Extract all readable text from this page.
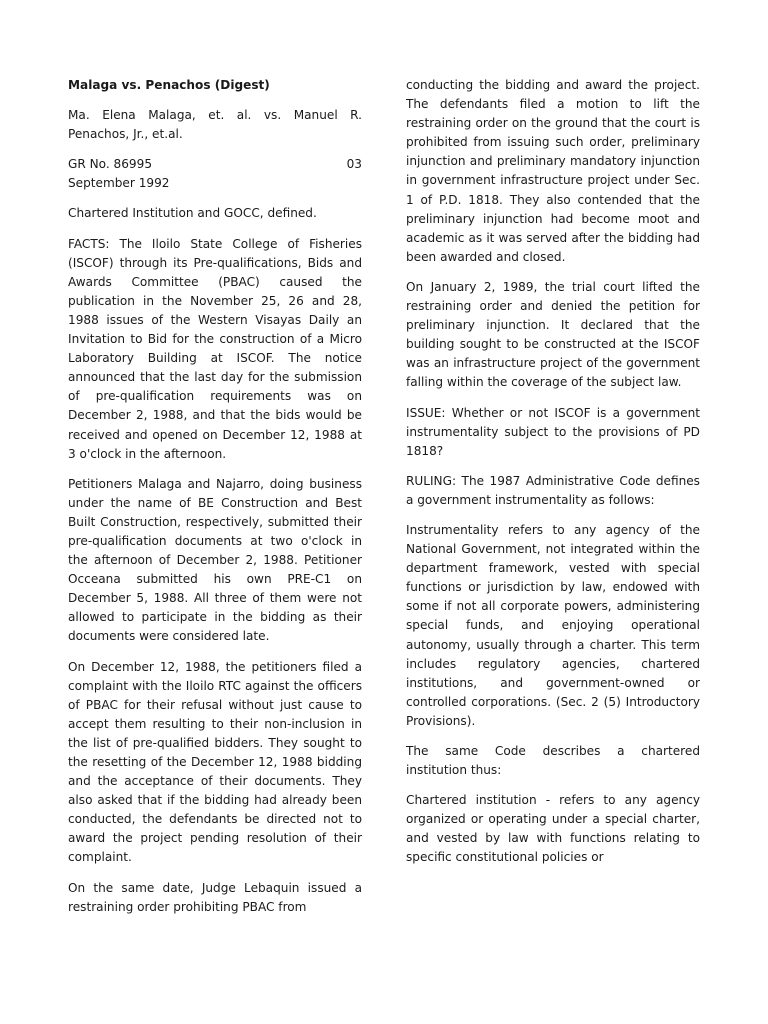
Malaga vs. Penachos (Digest)

Ma. Elena Malaga, et. al. vs. Manuel R. Penachos, Jr., et.al.

GR No. 86995	03
September 1992

Chartered Institution and GOCC, defined.

FACTS: The Iloilo State College of Fisheries (ISCOF) through its Pre-qualifications, Bids and Awards Committee (PBAC) caused the publication in the November 25, 26 and 28, 1988 issues of the Western Visayas Daily an Invitation to Bid for the construction of a Micro Laboratory Building at ISCOF. The notice announced that the last day for the submission of pre-qualification requirements was on December 2, 1988, and that the bids would be received and opened on December 12, 1988 at 3 o'clock in the afternoon.

Petitioners Malaga and Najarro, doing business under the name of BE Construction and Best Built Construction, respectively, submitted their pre-qualification documents at two o'clock in the afternoon of December 2, 1988. Petitioner Occeana submitted his own PRE-C1 on December 5, 1988. All three of them were not allowed to participate in the bidding as their documents were considered late.

On December 12, 1988, the petitioners filed a complaint with the Iloilo RTC against the officers of PBAC for their refusal without just cause to accept them resulting to their non-inclusion in the list of pre-qualified bidders. They sought to the resetting of the December 12, 1988 bidding and the acceptance of their documents. They also asked that if the bidding had already been conducted, the defendants be directed not to award the project pending resolution of their complaint.

On the same date, Judge Lebaquin issued a restraining order prohibiting PBAC from

conducting the bidding and award the project. The defendants filed a motion to lift the restraining order on the ground that the court is prohibited from issuing such order, preliminary injunction and preliminary mandatory injunction in government infrastructure project under Sec. 1 of P.D. 1818. They also contended that the preliminary injunction had become moot and academic as it was served after the bidding had been awarded and closed.

On January 2, 1989, the trial court lifted the restraining order and denied the petition for preliminary injunction. It declared that the building sought to be constructed at the ISCOF was an infrastructure project of the government falling within the coverage of the subject law.

ISSUE: Whether or not ISCOF is a government instrumentality subject to the provisions of PD 1818?

RULING: The 1987 Administrative Code defines a government instrumentality as follows:

Instrumentality refers to any agency of the National Government, not integrated within the department framework, vested with special functions or jurisdiction by law, endowed with some if not all corporate powers, administering special funds, and enjoying operational autonomy, usually through a charter. This term includes regulatory agencies, chartered institutions, and government-owned or controlled corporations. (Sec. 2 (5) Introductory Provisions).

The same Code describes a chartered institution thus:

Chartered institution - refers to any agency organized or operating under a special charter, and vested by law with functions relating to specific constitutional policies or
